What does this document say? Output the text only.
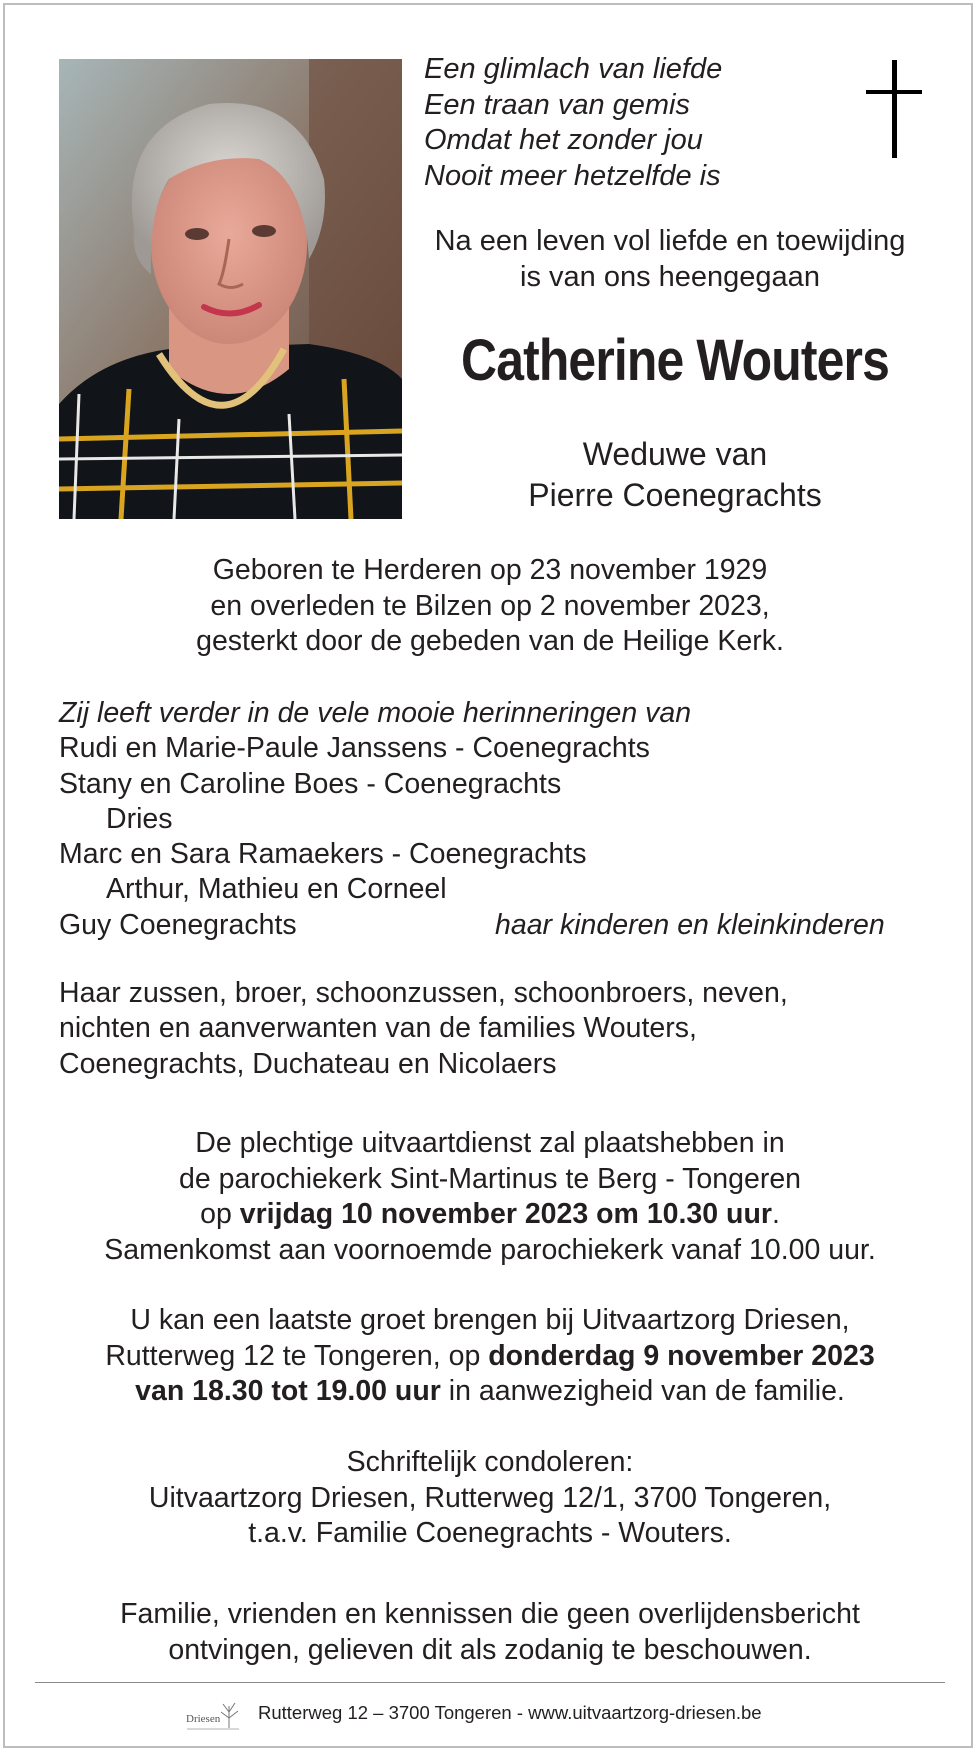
Een glimlach van liefde
Een traan van gemis
Omdat het zonder jou
Nooit meer hetzelfde is
Na een leven vol liefde en toewijding
is van ons heengegaan
Catherine Wouters
Weduwe van
Pierre Coenegrachts
Geboren te Herderen op 23 november 1929
en overleden te Bilzen op 2 november 2023,
gesterkt door de gebeden van de Heilige Kerk.
Zij leeft verder in de vele mooie herinneringen van
Rudi en Marie-Paule Janssens - Coenegrachts
Stany en Caroline Boes - Coenegrachts
Dries
Marc en Sara Ramaekers - Coenegrachts
Arthur, Mathieu en Corneel
Guy Coenegrachts	haar kinderen en kleinkinderen
Haar zussen, broer, schoonzussen, schoonbroers, neven,
nichten en aanverwanten van de families Wouters,
Coenegrachts, Duchateau en Nicolaers
De plechtige uitvaartdienst zal plaatshebben in
de parochiekerk Sint-Martinus te Berg - Tongeren
op vrijdag 10 november 2023 om 10.30 uur.
Samenkomst aan voornoemde parochiekerk vanaf 10.00 uur.
U kan een laatste groet brengen bij Uitvaartzorg Driesen,
Rutterweg 12 te Tongeren, op donderdag 9 november 2023
van 18.30 tot 19.00 uur in aanwezigheid van de familie.
Schriftelijk condoleren:
Uitvaartzorg Driesen, Rutterweg 12/1, 3700 Tongeren,
t.a.v. Familie Coenegrachts - Wouters.
Familie, vrienden en kennissen die geen overlijdensbericht
ontvingen, gelieven dit als zodanig te beschouwen.
Driesen Rutterweg 12 – 3700 Tongeren - www.uitvaartzorg-driesen.be
